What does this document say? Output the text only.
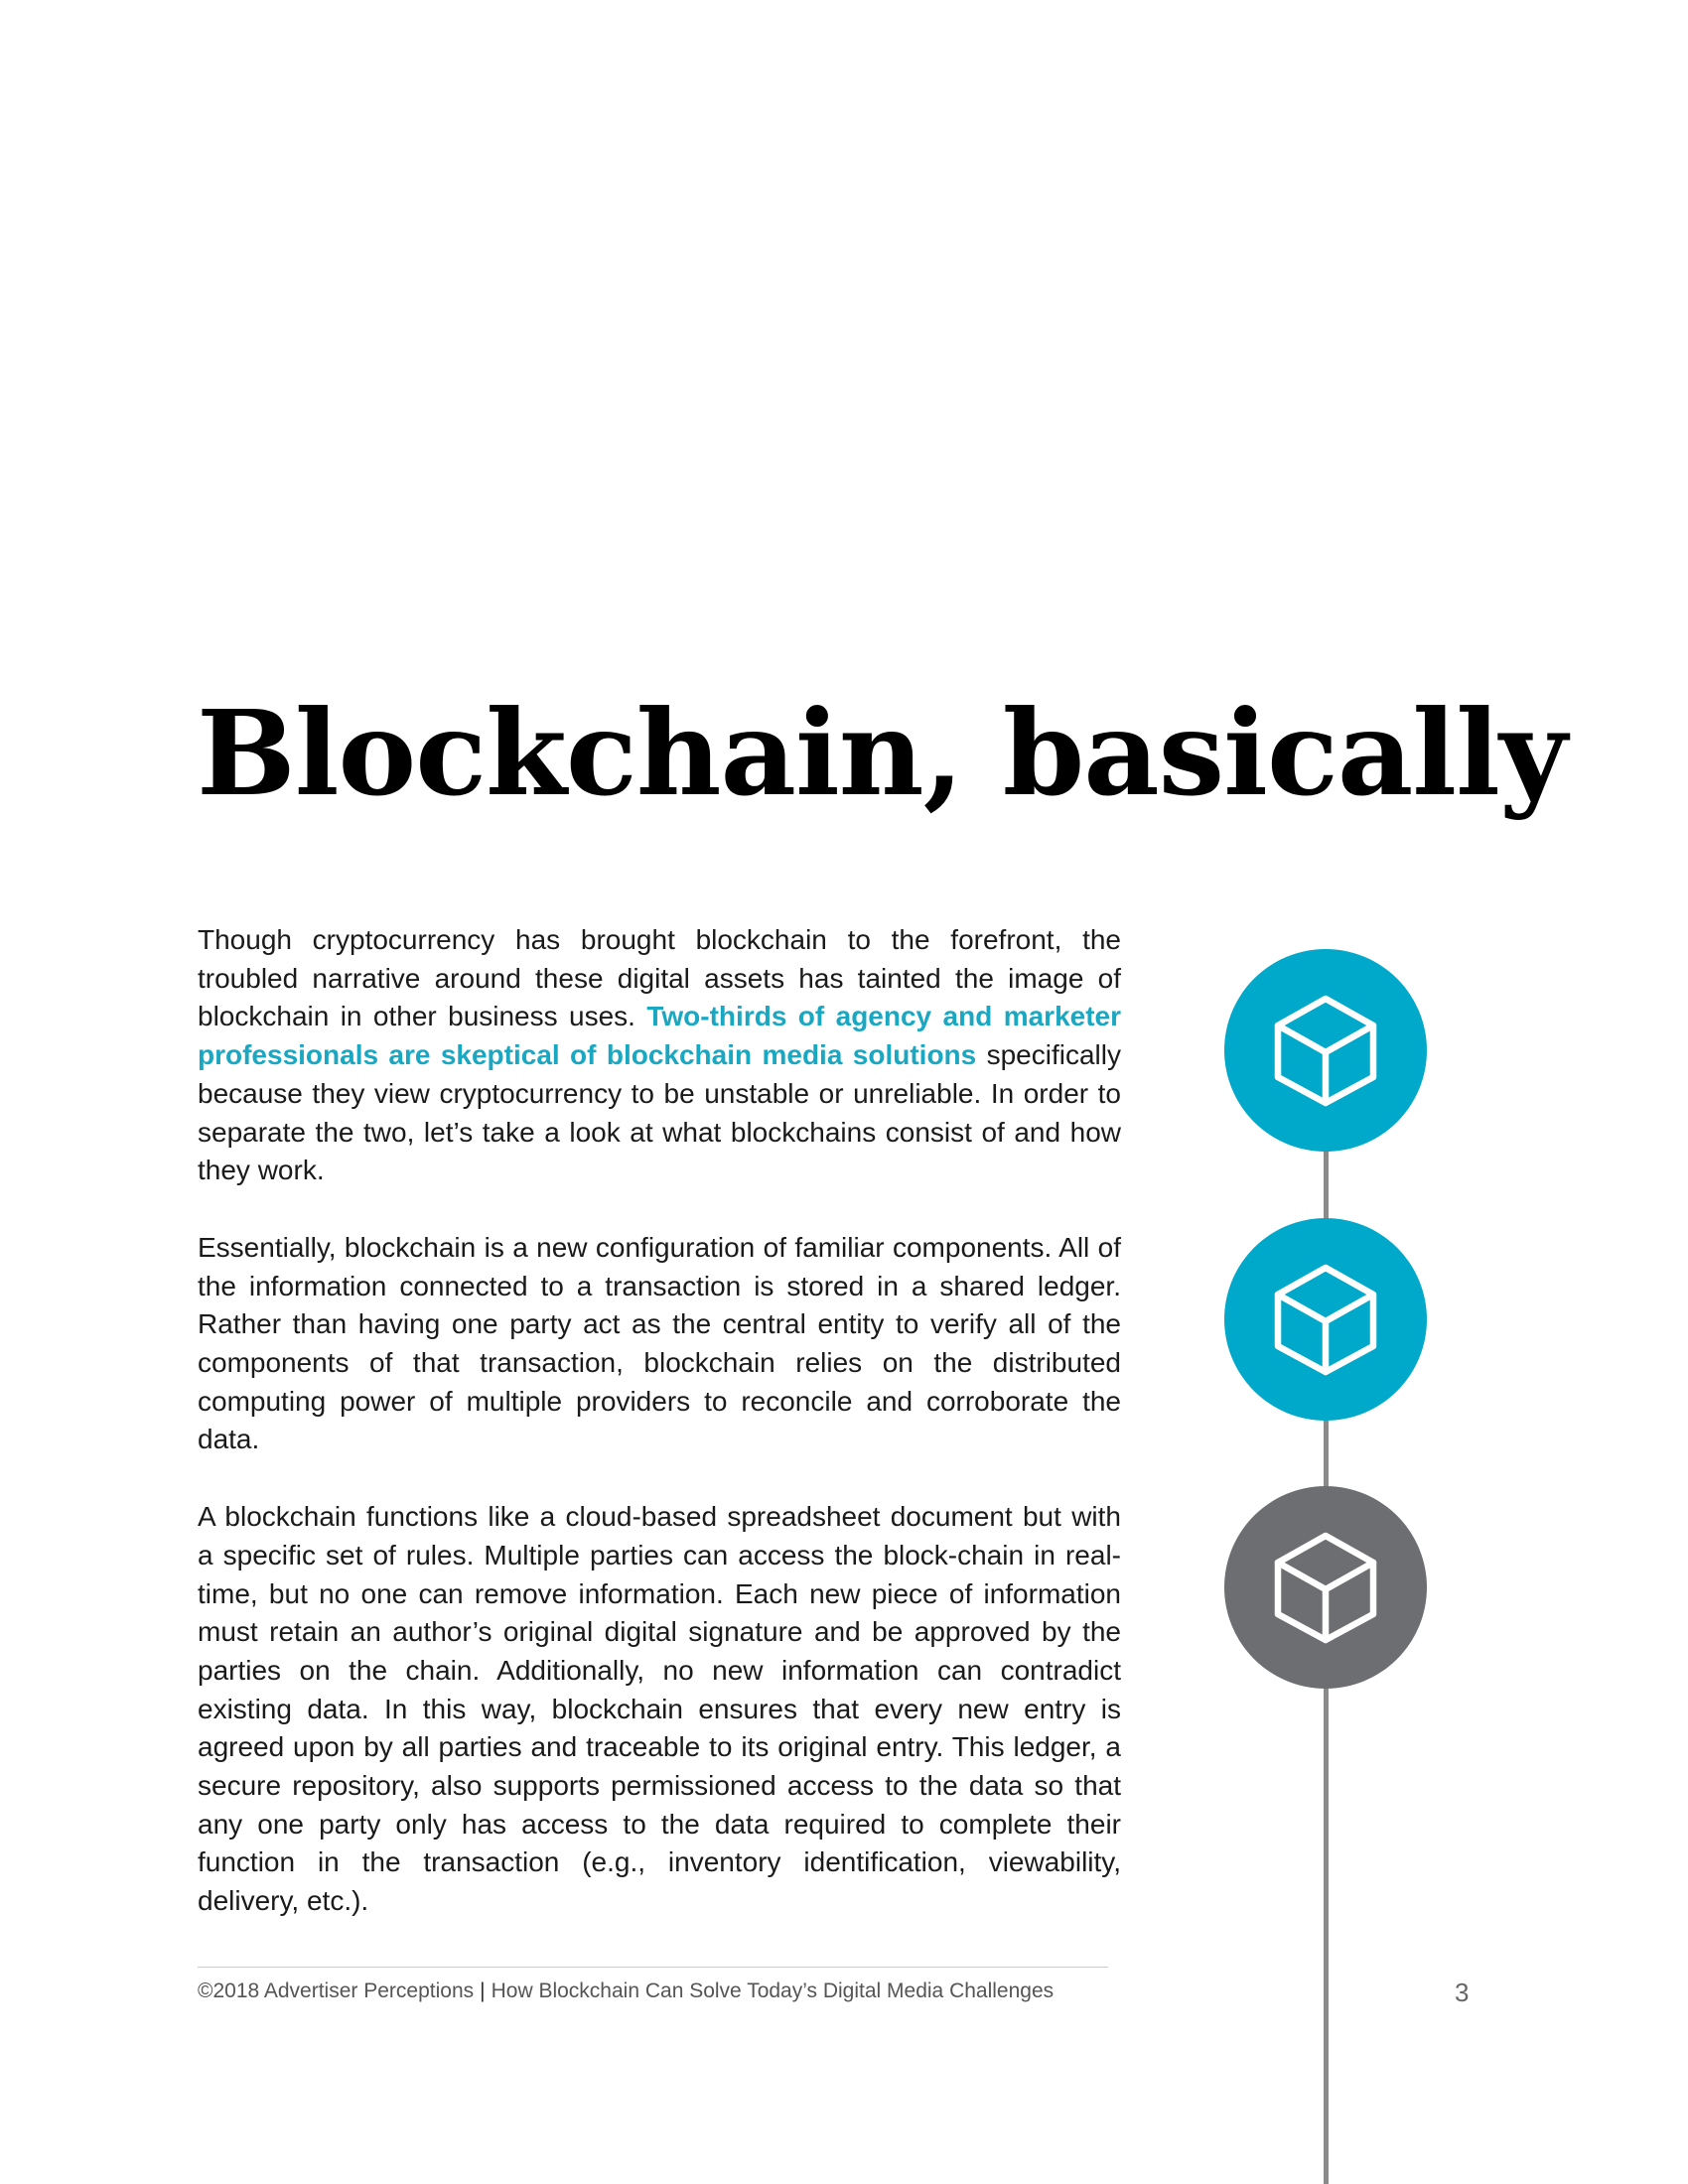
Blockchain, basically

Though cryptocurrency has brought blockchain to the forefront, the troubled narrative around these digital assets has tainted the image of blockchain in other business uses. Two-thirds of agency and marketer professionals are skeptical of blockchain media solutions specifically because they view cryptocurrency to be unstable or unreliable. In order to separate the two, let’s take a look at what blockchains consist of and how they work.

Essentially, blockchain is a new configuration of familiar components. All of the information connected to a transaction is stored in a shared ledger. Rather than having one party act as the central entity to verify all of the components of that transaction, blockchain relies on the distributed computing power of multiple providers to reconcile and corroborate the data.

A blockchain functions like a cloud-based spreadsheet document but with a specific set of rules. Multiple parties can access the block-chain in real-time, but no one can remove information. Each new piece of information must retain an author’s original digital signature and be approved by the parties on the chain. Additionally, no new information can contradict existing data. In this way, blockchain ensures that every new entry is agreed upon by all parties and traceable to its original entry. This ledger, a secure repository, also supports permissioned access to the data so that any one party only has access to the data required to complete their function in the transaction (e.g., inventory identification, viewability, delivery, etc.).

©2018 Advertiser Perceptions | How Blockchain Can Solve Today’s Digital Media Challenges	3
